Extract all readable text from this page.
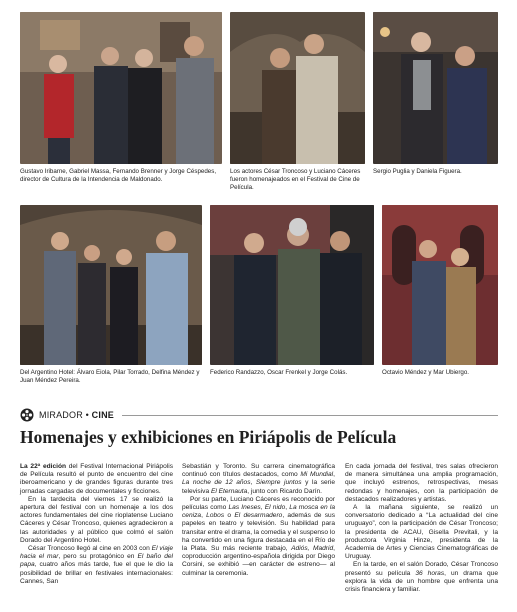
Gustavo Iribarne, Gabriel Massa, Fernando Brenner y Jorge Céspedes, director de Cultura de la Intendencia de Maldonado.
Los actores César Troncoso y Luciano Cáceres fueron homenajeados en el Festival de Cine de Película.
Sergio Puglia y Daniela Figuera.
Del Argentino Hotel: Álvaro Eiola, Pilar Torrado, Delfina Méndez y Juan Méndez Pereira.
Federico Randazzo, Oscar Frenkel y Jorge Colás.	Octavio Méndez y Mar Ubiergo.
MIRADOR • CINE
Homenajes y exhibiciones en Piriápolis de Película

La 22ª edición del Festival Internacional Piriápolis de Película resultó el punto de encuentro del cine iberoamericano y de grandes figuras durante tres jornadas cargadas de documentales y ficciones.

En la tardecita del viernes 17 se realizó la apertura del festival con un homenaje a los dos actores fundamentales del cine rioplatense Luciano Cáceres y César Troncoso, quienes agradecieron a las autoridades y al público que colmó el salón Dorado del Argentino Hotel.

César Troncoso llegó al cine en 2003 con El viaje hacia el mar, pero su protagónico en El baño del papa, cuatro años más tarde, fue el que le dio la posibilidad de brillar en festivales internacionales: Cannes, San

Sebastián y Toronto. Su carrera cinematográfica continuó con títulos destacados, como Mi Mundial, La noche de 12 años, Siempre juntos y la serie televisiva El Eternauta, junto con Ricardo Darín.

Por su parte, Luciano Cáceres es reconocido por películas como Las Ineses, El nido, La mosca en la ceniza, Lobos o El desarmadero, además de sus papeles en teatro y televisión. Su habilidad para transitar entre el drama, la comedia y el suspenso lo ha convertido en una figura destacada en el Río de la Plata. Su más reciente trabajo, Adiós, Madrid, coproducción argentino-española dirigida por Diego Corsini, se exhibió —en carácter de estreno— al culminar la ceremonia.

En cada jornada del festival, tres salas ofrecieron de manera simultánea una amplia programación, que incluyó estrenos, retrospectivas, mesas redondas y homenajes, con la participación de destacados realizadores y artistas.

A la mañana siguiente, se realizó un conversatorio dedicado a “La actualidad del cine uruguayo”, con la participación de César Troncoso; la presidenta de ACAU, Gisella Previtali, y la productora Virginia Hinze, presidenta de la Academia de Artes y Ciencias Cinematográficas de Uruguay.

En la tarde, en el salón Dorado, César Troncoso presentó su película 36 horas, un drama que explora la vida de un hombre que enfrenta una crisis financiera y familiar.
